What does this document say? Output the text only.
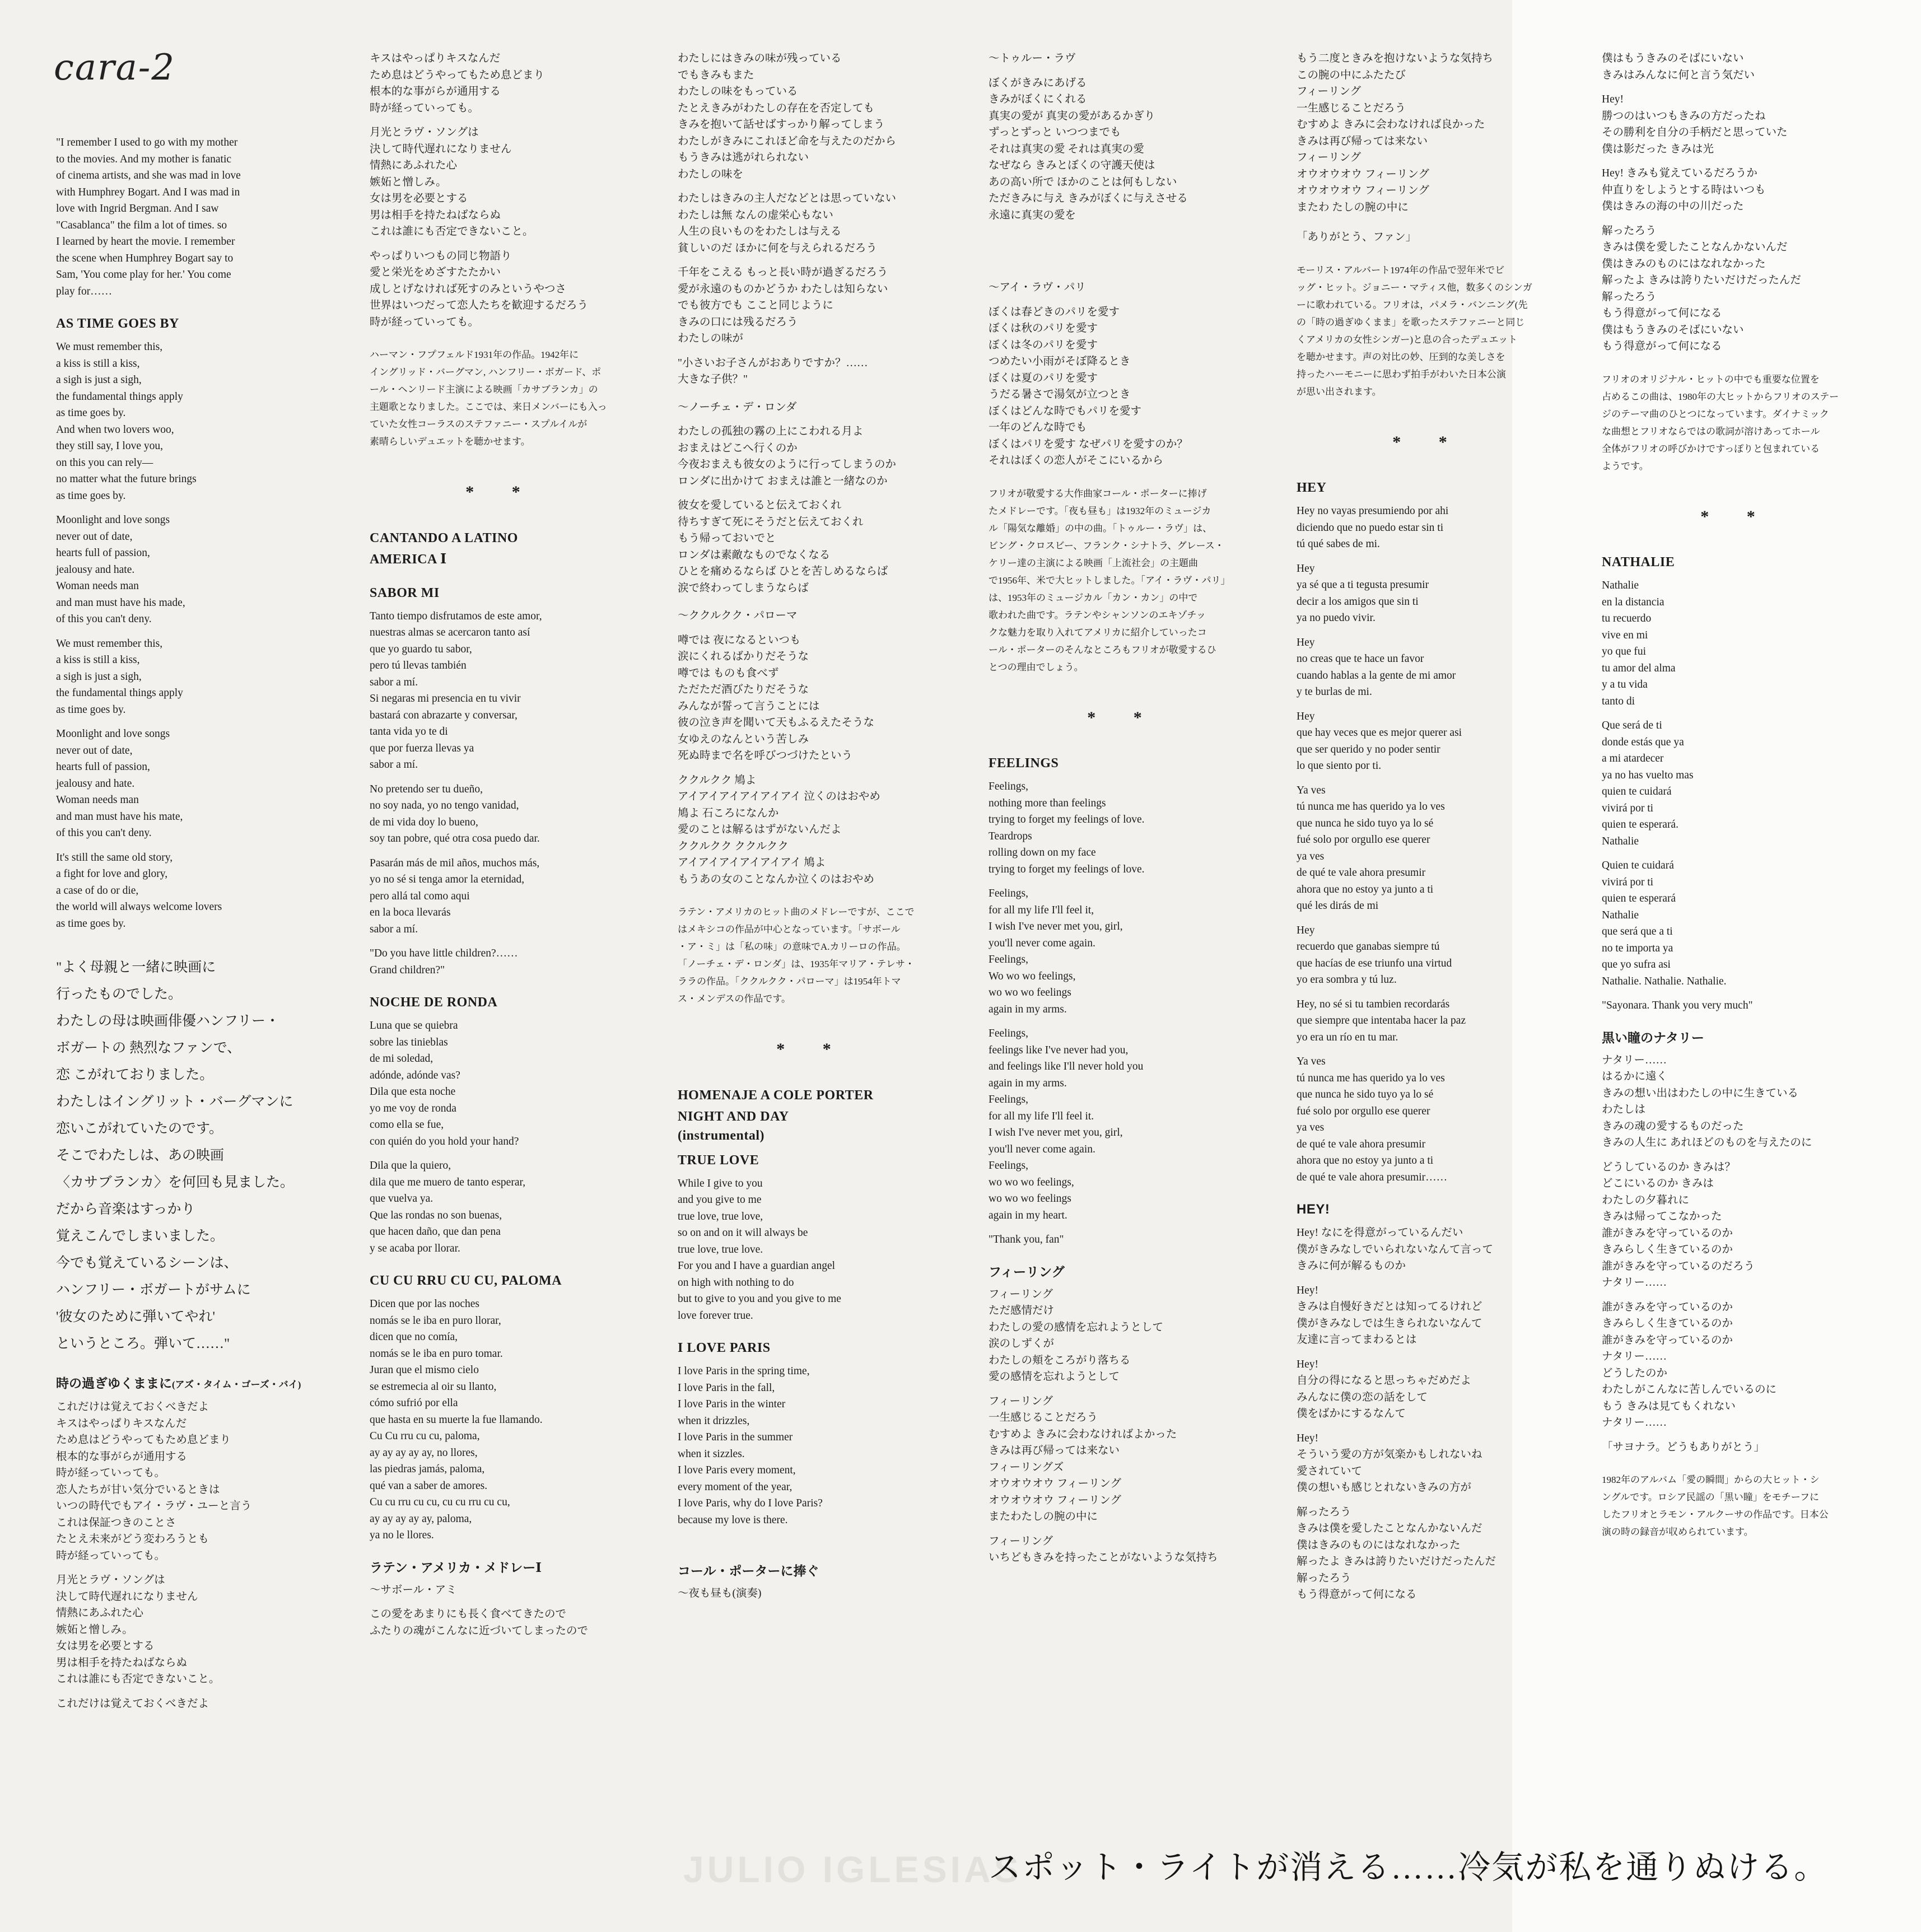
JULIO IGLESIAS
cara-2
"I remember I used to go with my mother
to the movies. And my mother is fanatic
of cinema artists, and she was mad in love
with Humphrey Bogart. And I was mad in
love with Ingrid Bergman. And I saw
"Casablanca" the film a lot of times. so
I learned by heart the movie. I remember
the scene when Humphrey Bogart say to
Sam, 'You come play for her.' You come
play for……
AS TIME GOES BY
We must remember this,
a kiss is still a kiss,
a sigh is just a sigh,
the fundamental things apply
as time goes by.
And when two lovers woo,
they still say, I love you,
on this you can rely—
no matter what the future brings
as time goes by.
Moonlight and love songs
never out of date,
hearts full of passion,
jealousy and hate.
Woman needs man
and man must have his made,
of this you can't deny.
We must remember this,
a kiss is still a kiss,
a sigh is just a sigh,
the fundamental things apply
as time goes by.
Moonlight and love songs
never out of date,
hearts full of passion,
jealousy and hate.
Woman needs man
and man must have his mate,
of this you can't deny.
It's still the same old story,
a fight for love and glory,
a case of do or die,
the world will always welcome lovers
as time goes by.
"よく母親と一緒に映画に
行ったものでした。
わたしの母は映画俳優ハンフリー・
ボガートの 熱烈なファンで、
恋 こがれておりました。
わたしはイングリット・バーグマンに
恋いこがれていたのです。
そこでわたしは、あの映画
〈カサブランカ〉を何回も見ました。
だから音楽はすっかり
覚えこんでしまいました。
今でも覚えているシーンは、
ハンフリー・ボガートがサムに
'彼女のために弾いてやれ'
というところ。弾いて……"
時の過ぎゆくままに(アズ・タイム・ゴーズ・バイ)
これだけは覚えておくべきだよ
キスはやっぱりキスなんだ
ため息はどうやってもため息どまり
根本的な事がらが通用する
時が経っていっても。
恋人たちが甘い気分でいるときは
いつの時代でもアイ・ラヴ・ユーと言う
これは保証つきのことさ
たとえ未来がどう変わろうとも
時が経っていっても。
月光とラヴ・ソングは
決して時代遅れになりません
情熱にあふれた心
嫉妬と憎しみ。
女は男を必要とする
男は相手を持たねばならぬ
これは誰にも否定できないこと。
これだけは覚えておくべきだよ
キスはやっぱりキスなんだ
ため息はどうやってもため息どまり
根本的な事がらが通用する
時が経っていっても。
月光とラヴ・ソングは
決して時代遅れになりません
情熱にあふれた心
嫉妬と憎しみ。
女は男を必要とする
男は相手を持たねばならぬ
これは誰にも否定できないこと。
やっぱりいつもの同じ物語り
愛と栄光をめざすたたかい
成しとげなければ死すのみというやつさ
世界はいつだって恋人たちを歓迎するだろう
時が経っていっても。
ハーマン・フプフェルド1931年の作品。1942年に
イングリッド・バーグマン, ハンフリー・ボガード、ポ
ール・ヘンリード主演による映画「カサブランカ」の
主題歌となりました。ここでは、来日メンバーにも入っ
ていた女性コーラスのステファニー・スプルイルが
素晴らしいデュエットを聴かせます。
* *
CANTANDO A LATINO
AMERICA Ⅰ
SABOR MI
Tanto tiempo disfrutamos de este amor,
nuestras almas se acercaron tanto así
que yo guardo tu sabor,
pero tú llevas también
sabor a mí.
Si negaras mi presencia en tu vivir
bastará con abrazarte y conversar,
tanta vida yo te di
que por fuerza llevas ya
sabor a mí.
No pretendo ser tu dueño,
no soy nada, yo no tengo vanidad,
de mi vida doy lo bueno,
soy tan pobre, qué otra cosa puedo dar.
Pasarán más de mil años, muchos más,
yo no sé si tenga amor la eternidad,
pero allá tal como aqui
en la boca llevarás
sabor a mí.
"Do you have little children?……
Grand children?"
NOCHE DE RONDA
Luna que se quiebra
sobre las tinieblas
de mi soledad,
adónde, adónde vas?
Dila que esta noche
yo me voy de ronda
como ella se fue,
con quién do you hold your hand?
Dila que la quiero,
dila que me muero de tanto esperar,
que vuelva ya.
Que las rondas no son buenas,
que hacen daño, que dan pena
y se acaba por llorar.
CU CU RRU CU CU, PALOMA
Dicen que por las noches
nomás se le iba en puro llorar,
dicen que no comía,
nomás se le iba en puro tomar.
Juran que el mismo cielo
se estremecia al oir su llanto,
cómo sufrió por ella
que hasta en su muerte la fue llamando.
Cu Cu rru cu cu, paloma,
ay ay ay ay ay, no llores,
las piedras jamás, paloma,
qué van a saber de amores.
Cu cu rru cu cu, cu cu rru cu cu,
ay ay ay ay ay, paloma,
ya no le llores.
ラテン・アメリカ・メドレーⅠ
～サボール・アミ
この愛をあまりにも長く食べてきたので
ふたりの魂がこんなに近づいてしまったので
わたしにはきみの味が残っている
でもきみもまた
わたしの味をもっている
たとえきみがわたしの存在を否定しても
きみを抱いて話せばすっかり解ってしまう
わたしがきみにこれほど命を与えたのだから
もうきみは逃がれられない
わたしの味を
わたしはきみの主人だなどとは思っていない
わたしは無 なんの虚栄心もない
人生の良いものをわたしは与える
貧しいのだ ほかに何を与えられるだろう
千年をこえる もっと長い時が過ぎるだろう
愛が永遠のものかどうか わたしは知らない
でも彼方でも ここと同じように
きみの口には残るだろう
わたしの味が
"小さいお子さんがおありですか？……
大きな子供？"
～ノーチェ・デ・ロンダ
わたしの孤独の霧の上にこわれる月よ
おまえはどこへ行くのか
今夜おまえも彼女のように行ってしまうのか
ロンダに出かけて おまえは誰と一緒なのか
彼女を愛していると伝えておくれ
待ちすぎて死にそうだと伝えておくれ
もう帰っておいでと
ロンダは素敵なものでなくなる
ひとを痛めるならば ひとを苦しめるならば
涙で終わってしまうならば
～ククルクク・パローマ
噂では 夜になるといつも
涙にくれるばかりだそうな
噂では ものも食べず
ただただ酒びたりだそうな
みんなが誓って言うことには
彼の泣き声を聞いて天もふるえたそうな
女ゆえのなんという苦しみ
死ぬ時まで名を呼びつづけたという
ククルクク 鳩よ
アイアイアイアイアイアイ 泣くのはおやめ
鳩よ 石ころになんか
愛のことは解るはずがないんだよ
ククルクク ククルクク
アイアイアイアイアイアイ 鳩よ
もうあの女のことなんか泣くのはおやめ
ラテン・アメリカのヒット曲のメドレーですが、ここで
はメキシコの作品が中心となっています。「サボール
・ア・ミ」は「私の味」の意味でA.カリーロの作品。
「ノーチェ・デ・ロンダ」は、1935年マリア・テレサ・
ララの作品。「ククルクク・パローマ」は1954年トマ
ス・メンデスの作品です。
* *
HOMENAJE A COLE PORTER
NIGHT AND DAY
(instrumental)
TRUE LOVE
While I give to you
and you give to me
true love, true love,
so on and on it will always be
true love, true love.
For you and I have a guardian angel
on high with nothing to do
but to give to you and you give to me
love forever true.
I LOVE PARIS
I love Paris in the spring time,
I love Paris in the fall,
I love Paris in the winter
when it drizzles,
I love Paris in the summer
when it sizzles.
I love Paris every moment,
every moment of the year,
I love Paris, why do I love Paris?
because my love is there.
コール・ポーターに捧ぐ
～夜も昼も(演奏)
～トゥルー・ラヴ
ぼくがきみにあげる
きみがぼくにくれる
真実の愛が 真実の愛があるかぎり
ずっとずっと いつつまでも
それは真実の愛 それは真実の愛
なぜなら きみとぼくの守護天使は
あの高い所で ほかのことは何もしない
ただきみに与え きみがぼくに与えさせる
永遠に真実の愛を
～アイ・ラヴ・パリ
ぼくは春どきのパリを愛す
ぼくは秋のパリを愛す
ぼくは冬のパリを愛す
つめたい小雨がそぼ降るとき
ぼくは夏のパリを愛す
うだる暑さで湯気が立つとき
ぼくはどんな時でもパリを愛す
一年のどんな時でも
ぼくはパリを愛す なぜパリを愛すのか？
それはぼくの恋人がそこにいるから
フリオが敬愛する大作曲家コール・ポーターに捧げ
たメドレーです。「夜も昼も」は1932年のミュージカ
ル「陽気な離婚」の中の曲。「トゥルー・ラヴ」は、
ビング・クロスビー、フランク・シナトラ、グレース・
ケリー達の主演による映画「上流社会」の主題曲
で1956年、米で大ヒットしました。「アイ・ラヴ・パリ」
は、1953年のミュージカル「カン・カン」の中で
歌われた曲です。ラテンやシャンソンのエキゾチッ
クな魅力を取り入れてアメリカに紹介していったコ
ール・ポーターのそんなところもフリオが敬愛するひ
とつの理由でしょう。
* *
FEELINGS
Feelings,
nothing more than feelings
trying to forget my feelings of love.
Teardrops
rolling down on my face
trying to forget my feelings of love.
Feelings,
for all my life I'll feel it,
I wish I've never met you, girl,
you'll never come again.
Feelings,
Wo wo wo feelings,
wo wo wo feelings
again in my arms.
Feelings,
feelings like I've never had you,
and feelings like I'll never hold you
again in my arms.
Feelings,
for all my life I'll feel it.
I wish I've never met you, girl,
you'll never come again.
Feelings,
wo wo wo feelings,
wo wo wo feelings
again in my heart.
"Thank you, fan"
フィーリング
フィーリング
ただ感情だけ
わたしの愛の感情を忘れようとして
涙のしずくが
わたしの頬をころがり落ちる
愛の感情を忘れようとして
フィーリング
一生感じることだろう
むすめよ きみに会わなければよかった
きみは再び帰っては来ない
フィーリングズ
オウオウオウ フィーリング
オウオウオウ フィーリング
またわたしの腕の中に
フィーリング
いちどもきみを持ったことがないような気持ち
もう二度ときみを抱けないような気持ち
この腕の中にふたたび
フィーリング
一生感じることだろう
むすめよ きみに会わなければ良かった
きみは再び帰っては来ない
フィーリング
オウオウオウ フィーリング
オウオウオウ フィーリング
またわ たしの腕の中に
「ありがとう、ファン」
モーリス・アルバート1974年の作品で翌年米でビ
ッグ・ヒット。ジョニー・マティス他，数多くのシンガ
ーに歌われている。フリオは，パメラ・バンニング(先
の「時の過ぎゆくまま」を歌ったステファニーと同じ
くアメリカの女性シンガー)と息の合ったデュエット
を聴かせます。声の対比の妙、圧到的な美しさを
持ったハーモニーに思わず拍手がわいた日本公演
が思い出されます。
* *
HEY
Hey no vayas presumiendo por ahi
diciendo que no puedo estar sin ti
tú qué sabes de mi.
Hey
ya sé que a ti tegusta presumir
decir a los amigos que sin ti
ya no puedo vivir.
Hey
no creas que te hace un favor
cuando hablas a la gente de mi amor
y te burlas de mi.
Hey
que hay veces que es mejor querer asi
que ser querido y no poder sentir
lo que siento por ti.
Ya ves
tú nunca me has querido ya lo ves
que nunca he sido tuyo ya lo sé
fué solo por orgullo ese querer
ya ves
de qué te vale ahora presumir
ahora que no estoy ya junto a ti
qué les dirás de mi
Hey
recuerdo que ganabas siempre tú
que hacías de ese triunfo una virtud
yo era sombra y tú luz.
Hey, no sé si tu tambien recordarás
que siempre que intentaba hacer la paz
yo era un río en tu mar.
Ya ves
tú nunca me has querido ya lo ves
que nunca he sido tuyo ya lo sé
fué solo por orgullo ese querer
ya ves
de qué te vale ahora presumir
ahora que no estoy ya junto a ti
de qué te vale ahora presumir……
HEY!
Hey! なにを得意がっているんだい
僕がきみなしでいられないなんて言って
きみに何が解るものか
Hey!
きみは自慢好きだとは知ってるけれど
僕がきみなしでは生きられないなんて
友達に言ってまわるとは
Hey!
自分の得になると思っちゃだめだよ
みんなに僕の恋の話をして
僕をばかにするなんて
Hey!
そういう愛の方が気楽かもしれないね
愛されていて
僕の想いも感じとれないきみの方が
解ったろう
きみは僕を愛したことなんかないんだ
僕はきみのものにはなれなかった
解ったよ きみは誇りたいだけだったんだ
解ったろう
もう得意がって何になる
僕はもうきみのそばにいない
きみはみんなに何と言う気だい
Hey!
勝つのはいつもきみの方だったね
その勝利を自分の手柄だと思っていた
僕は影だった きみは光
Hey! きみも覚えているだろうか
仲直りをしようとする時はいつも
僕はきみの海の中の川だった
解ったろう
きみは僕を愛したことなんかないんだ
僕はきみのものにはなれなかった
解ったよ きみは誇りたいだけだったんだ
解ったろう
もう得意がって何になる
僕はもうきみのそばにいない
もう得意がって何になる
フリオのオリジナル・ヒットの中でも重要な位置を
占めるこの曲は、1980年の大ヒットからフリオのステー
ジのテーマ曲のひとつになっています。ダイナミック
な曲想とフリオならではの歌詞が溶けあってホール
全体がフリオの呼びかけですっぽりと包まれている
ようです。
* *
NATHALIE
Nathalie
en la distancia
tu recuerdo
vive en mi
yo que fui
tu amor del alma
y a tu vida
tanto di
Que será de ti
donde estás que ya
a mi atardecer
ya no has vuelto mas
quien te cuidará
vivirá por ti
quien te esperará.
Nathalie
Quien te cuidará
vivirá por ti
quien te esperará
Nathalie
que será que a ti
no te importa ya
que yo sufra asi
Nathalie. Nathalie. Nathalie.
"Sayonara. Thank you very much"
黒い瞳のナタリー
ナタリー……
はるかに遠く
きみの想い出はわたしの中に生きている
わたしは
きみの魂の愛するものだった
きみの人生に あれほどのものを与えたのに
どうしているのか きみは？
どこにいるのか きみは
わたしの夕暮れに
きみは帰ってこなかった
誰がきみを守っているのか
きみらしく生きているのか
誰がきみを守っているのだろう
ナタリー……
誰がきみを守っているのか
きみらしく生きているのか
誰がきみを守っているのか
ナタリー……
どうしたのか
わたしがこんなに苦しんでいるのに
もう きみは見てもくれない
ナタリー……
「サヨナラ。どうもありがとう」
1982年のアルバム「愛の瞬間」からの大ヒット・シ
ングルです。ロシア民謡の「黒い瞳」をモチーフに
したフリオとラモン・アルクーサの作品です。日本公
演の時の録音が収められています。
スポット・ライトが消える……冷気が私を通りぬける。
